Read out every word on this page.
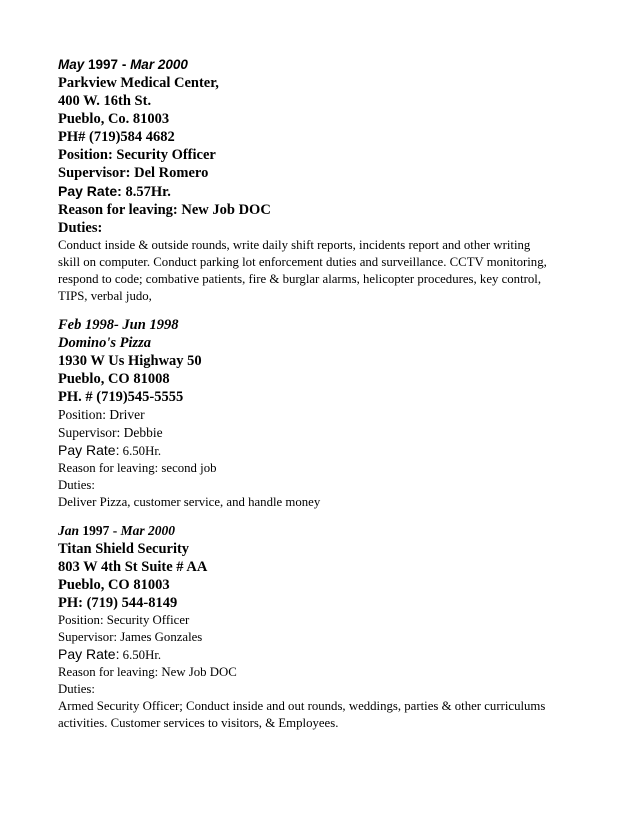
May 1997 - Mar 2000
Parkview Medical Center,
400 W. 16th St.
Pueblo, Co. 81003
PH# (719)584 4682
Position: Security Officer
Supervisor: Del Romero
Pay Rate: 8.57Hr.
Reason for leaving: New Job DOC
Duties:
Conduct inside & outside rounds, write daily shift reports, incidents report and other writing
skill on computer. Conduct parking lot enforcement duties and surveillance. CCTV monitoring,
respond to code; combative patients, fire & burglar alarms, helicopter procedures, key control,
TIPS, verbal judo,
Feb 1998- Jun 1998
Domino's Pizza
1930 W Us Highway 50
Pueblo, CO 81008
PH. # (719)545-5555
Position: Driver
Supervisor: Debbie
Pay Rate: 6.50Hr.
Reason for leaving: second job
Duties:
Deliver Pizza, customer service, and handle money
Jan 1997 - Mar 2000
Titan Shield Security
803 W 4th St Suite # AA
Pueblo, CO 81003
PH: (719) 544-8149
Position: Security Officer
Supervisor: James Gonzales
Pay Rate: 6.50Hr.
Reason for leaving: New Job DOC
Duties:
Armed Security Officer; Conduct inside and out rounds, weddings, parties & other curriculums
activities. Customer services to visitors, & Employees.
